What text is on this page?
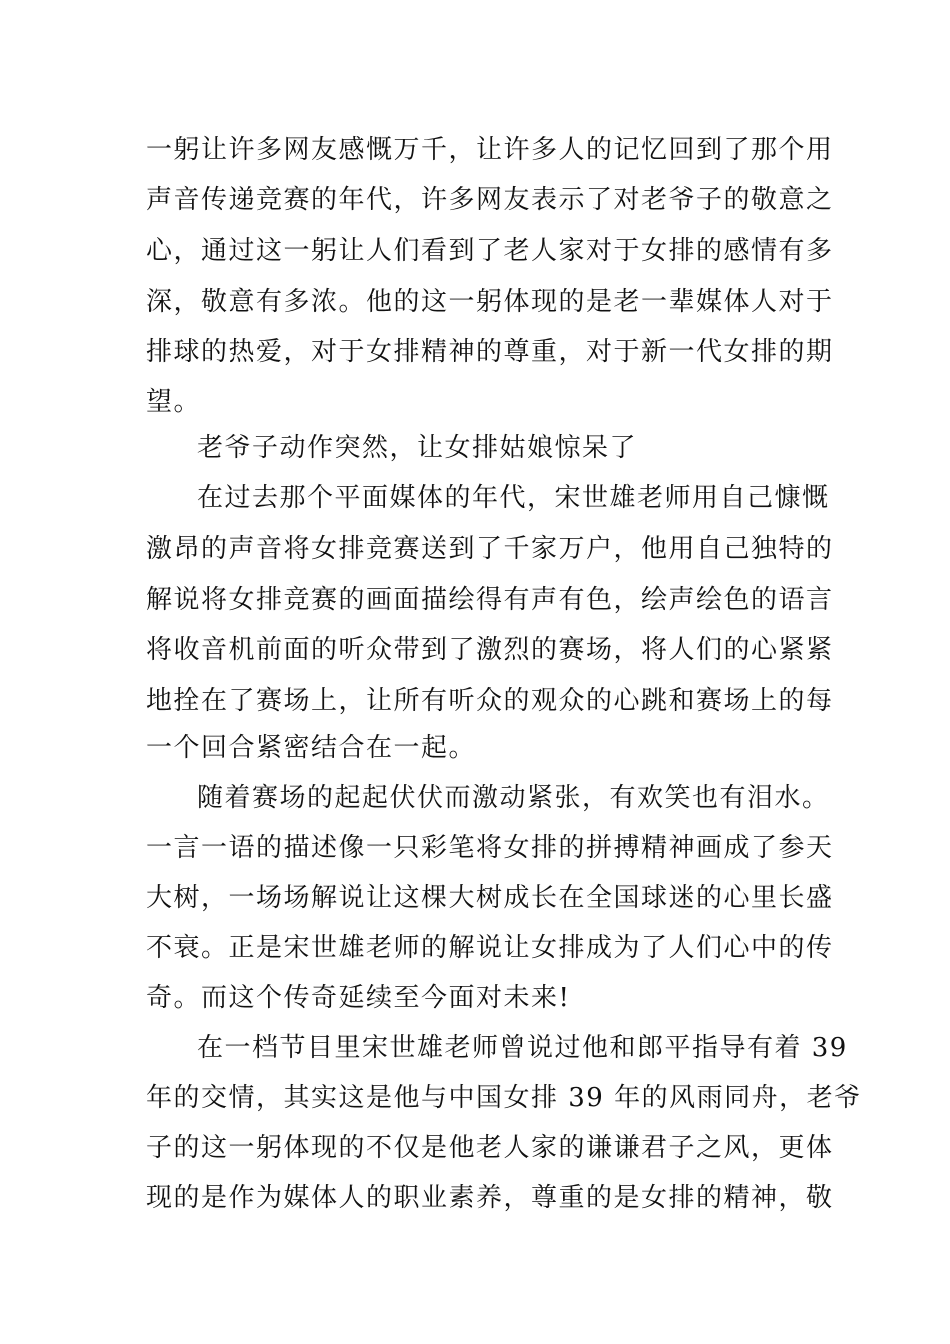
一躬让许多网友感慨万千，让许多人的记忆回到了那个用
声音传递竞赛的年代，许多网友表示了对老爷子的敬意之
心，通过这一躬让人们看到了老人家对于女排的感情有多
深，敬意有多浓。他的这一躬体现的是老一辈媒体人对于
排球的热爱，对于女排精神的尊重，对于新一代女排的期
望。
老爷子动作突然，让女排姑娘惊呆了
在过去那个平面媒体的年代，宋世雄老师用自己慷慨
激昂的声音将女排竞赛送到了千家万户，他用自己独特的
解说将女排竞赛的画面描绘得有声有色，绘声绘色的语言
将收音机前面的听众带到了激烈的赛场，将人们的心紧紧
地拴在了赛场上，让所有听众的观众的心跳和赛场上的每
一个回合紧密结合在一起。
随着赛场的起起伏伏而激动紧张，有欢笑也有泪水。
一言一语的描述像一只彩笔将女排的拼搏精神画成了参天
大树，一场场解说让这棵大树成长在全国球迷的心里长盛
不衰。正是宋世雄老师的解说让女排成为了人们心中的传
奇。而这个传奇延续至今面对未来!
在一档节目里宋世雄老师曾说过他和郎平指导有着 39
年的交情，其实这是他与中国女排 39 年的风雨同舟，老爷
子的这一躬体现的不仅是他老人家的谦谦君子之风，更体
现的是作为媒体人的职业素养，尊重的是女排的精神，敬
